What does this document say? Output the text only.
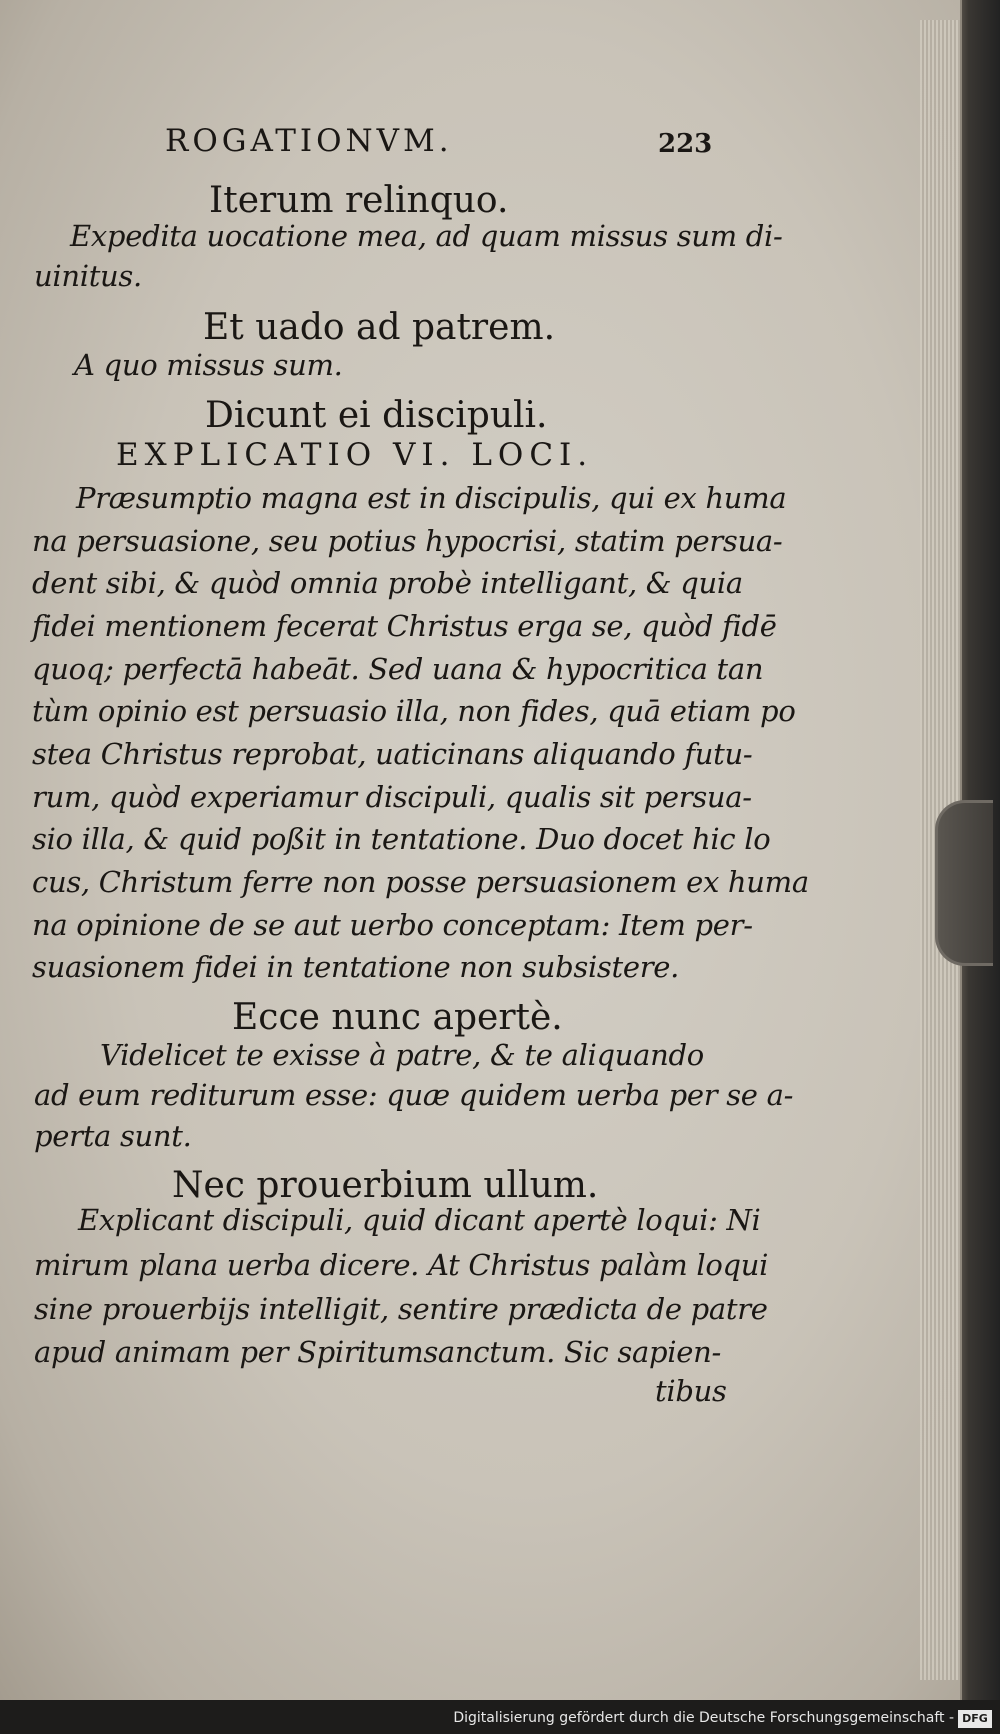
ROGATIONVM.	223
Iterum relinquo.
Expedita uocatione mea, ad quam missus sum di-
uinitus.
Et uado ad patrem.
A quo missus sum.
Dicunt ei discipuli.
EXPLICATIO VI. LOCI.
Præsumptio magna est in discipulis, qui ex huma
na persuasione, seu potius hypocrisi, statim persua-
dent sibi, & quòd omnia probè intelligant, & quia
fidei mentionem fecerat Christus erga se, quòd fidē
quoq; perfectā habeāt. Sed uana & hypocritica tan
tùm opinio est persuasio illa, non fides, quā etiam po
stea Christus reprobat, uaticinans aliquando futu-
rum, quòd experiamur discipuli, qualis sit persua-
sio illa, & quid poßit in tentatione. Duo docet hic lo
cus, Christum ferre non posse persuasionem ex huma
na opinione de se aut uerbo conceptam: Item per-
suasionem fidei in tentatione non subsistere.
Ecce nunc apertè.
Videlicet te exisse à patre, & te aliquando
ad eum rediturum esse: quæ quidem uerba per se a-
perta sunt.
Nec prouerbium ullum.
Explicant discipuli, quid dicant apertè loqui: Ni
mirum plana uerba dicere. At Christus palàm loqui
sine prouerbijs intelligit, sentire prædicta de patre
apud animam per Spiritumsanctum. Sic sapien-
tibus
Digitalisierung gefördert durch die Deutsche Forschungsgemeinschaft - DFG
